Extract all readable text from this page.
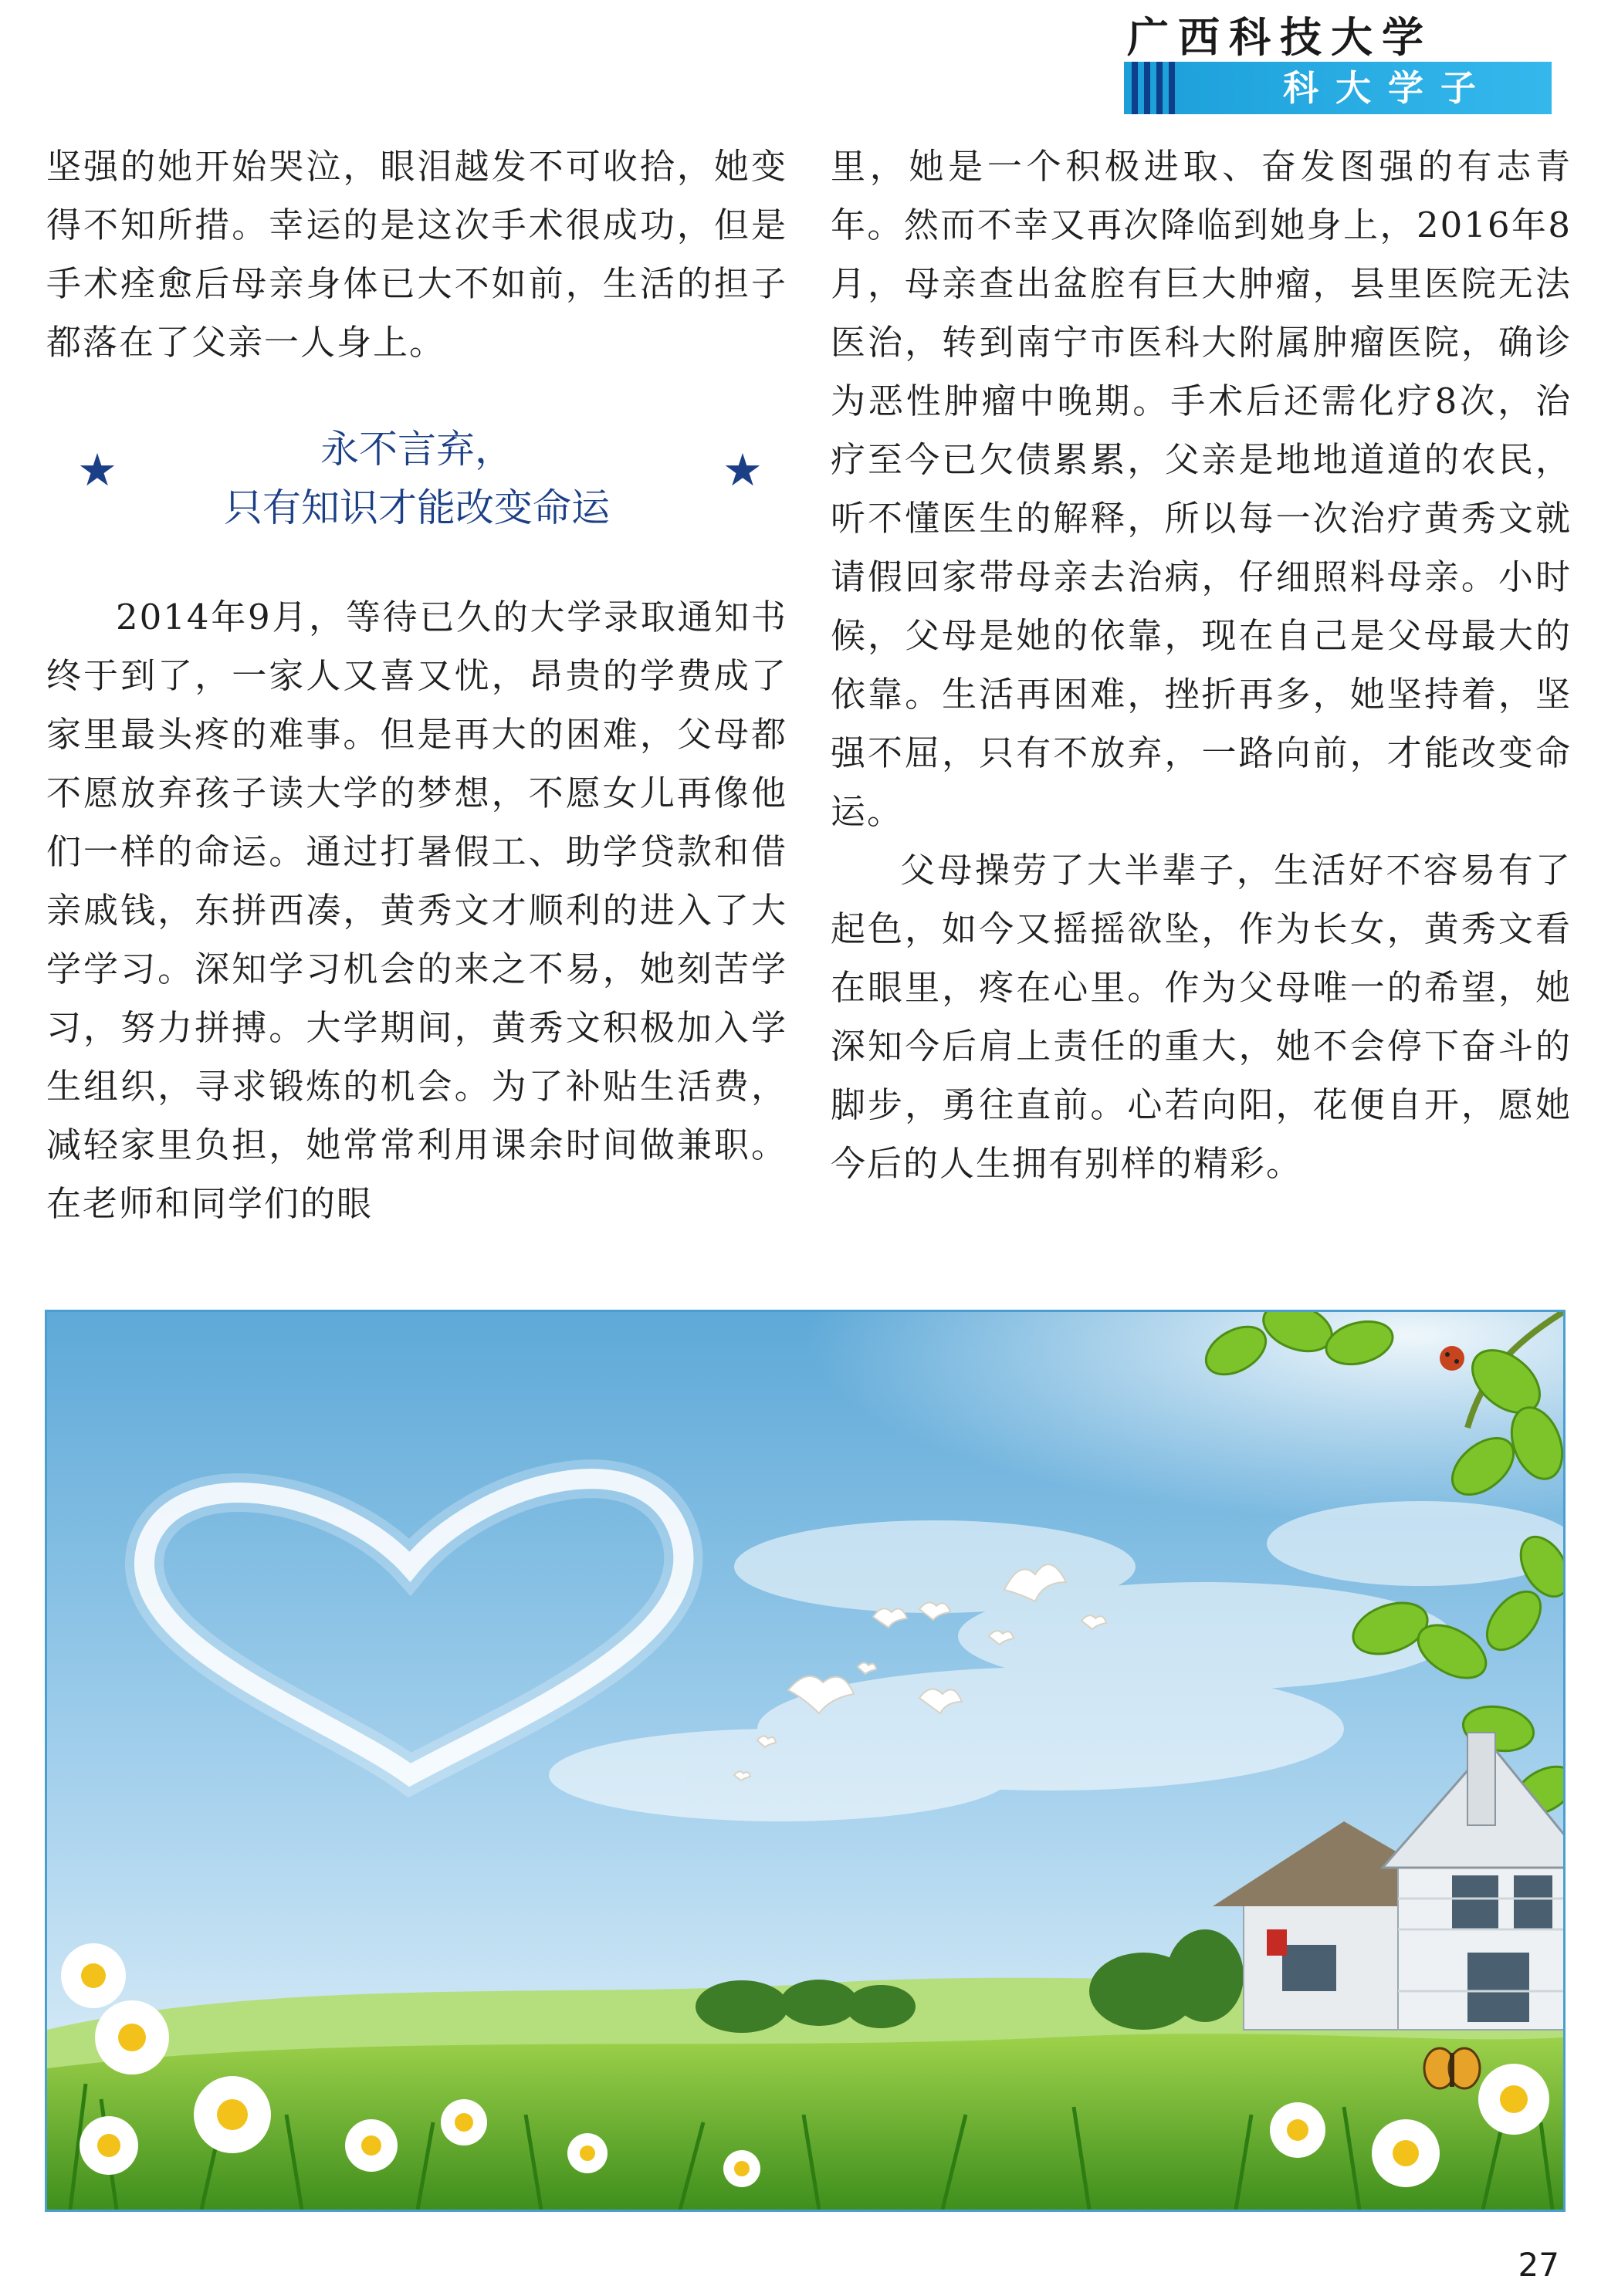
广西科技大学
科大学子

坚强的她开始哭泣，眼泪越发不可收拾，她变得不知所措。幸运的是这次手术很成功，但是手术痊愈后母亲身体已大不如前，生活的担子都落在了父亲一人身上。

★	永不言弃，
只有知识才能改变命运
★

2014年9月，等待已久的大学录取通知书终于到了，一家人又喜又忧，昂贵的学费成了家里最头疼的难事。但是再大的困难，父母都不愿放弃孩子读大学的梦想，不愿女儿再像他们一样的命运。通过打暑假工、助学贷款和借亲戚钱，东拼西凑，黄秀文才顺利的进入了大学学习。深知学习机会的来之不易，她刻苦学习，努力拼搏。大学期间，黄秀文积极加入学生组织，寻求锻炼的机会。为了补贴生活费，减轻家里负担，她常常利用课余时间做兼职。在老师和同学们的眼

里，她是一个积极进取、奋发图强的有志青年。然而不幸又再次降临到她身上，2016年8月，母亲查出盆腔有巨大肿瘤，县里医院无法医治，转到南宁市医科大附属肿瘤医院，确诊为恶性肿瘤中晚期。手术后还需化疗8次，治疗至今已欠债累累，父亲是地地道道的农民，听不懂医生的解释，所以每一次治疗黄秀文就请假回家带母亲去治病，仔细照料母亲。小时候，父母是她的依靠，现在自己是父母最大的依靠。生活再困难，挫折再多，她坚持着，坚强不屈，只有不放弃，一路向前，才能改变命运。

父母操劳了大半辈子，生活好不容易有了起色，如今又摇摇欲坠，作为长女，黄秀文看在眼里，疼在心里。作为父母唯一的希望，她深知今后肩上责任的重大，她不会停下奋斗的脚步，勇往直前。心若向阳，花便自开，愿她今后的人生拥有别样的精彩。

27
